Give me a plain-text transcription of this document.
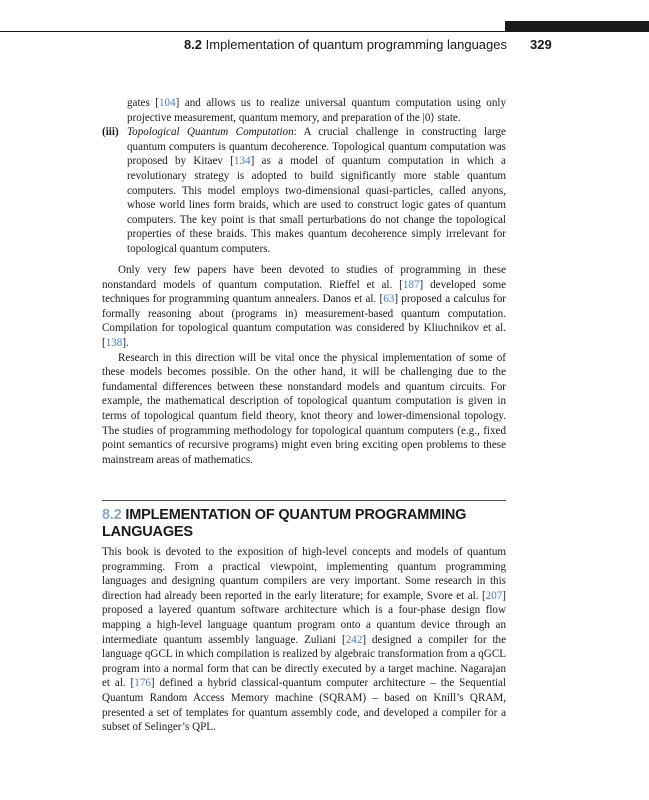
8.2 Implementation of quantum programming languages 329

gates [104] and allows us to realize universal quantum computation using only projective measurement, quantum memory, and preparation of the |0⟩ state.

(iii) Topological Quantum Computation: A crucial challenge in constructing large quantum computers is quantum decoherence. Topological quantum computation was proposed by Kitaev [134] as a model of quantum computation in which a revolutionary strategy is adopted to build significantly more stable quantum computers. This model employs two-dimensional quasi-particles, called anyons, whose world lines form braids, which are used to construct logic gates of quantum computers. The key point is that small perturbations do not change the topological properties of these braids. This makes quantum decoherence simply irrelevant for topological quantum computers.

Only very few papers have been devoted to studies of programming in these nonstandard models of quantum computation. Rieffel et al. [187] developed some techniques for programming quantum annealers. Danos et al. [63] proposed a calculus for formally reasoning about (programs in) measurement-based quantum computation. Compilation for topological quantum computation was considered by Kliuchnikov et al. [138].

Research in this direction will be vital once the physical implementation of some of these models becomes possible. On the other hand, it will be challenging due to the fundamental differences between these nonstandard models and quantum circuits. For example, the mathematical description of topological quantum computation is given in terms of topological quantum field theory, knot theory and lower-dimensional topology. The studies of programming methodology for topological quantum computers (e.g., fixed point semantics of recursive programs) might even bring exciting open problems to these mainstream areas of mathematics.

8.2 IMPLEMENTATION OF QUANTUM PROGRAMMING LANGUAGES

This book is devoted to the exposition of high-level concepts and models of quantum programming. From a practical viewpoint, implementing quantum programming languages and designing quantum compilers are very important. Some research in this direction had already been reported in the early literature; for example, Svore et al. [207] proposed a layered quantum software architecture which is a four-phase design flow mapping a high-level language quantum program onto a quantum device through an intermediate quantum assembly language. Zuliani [242] designed a compiler for the language qGCL in which compilation is realized by algebraic transformation from a qGCL program into a normal form that can be directly executed by a target machine. Nagarajan et al. [176] defined a hybrid classical-quantum computer architecture – the Sequential Quantum Random Access Memory machine (SQRAM) – based on Knill’s QRAM, presented a set of templates for quantum assembly code, and developed a compiler for a subset of Selinger’s QPL.
